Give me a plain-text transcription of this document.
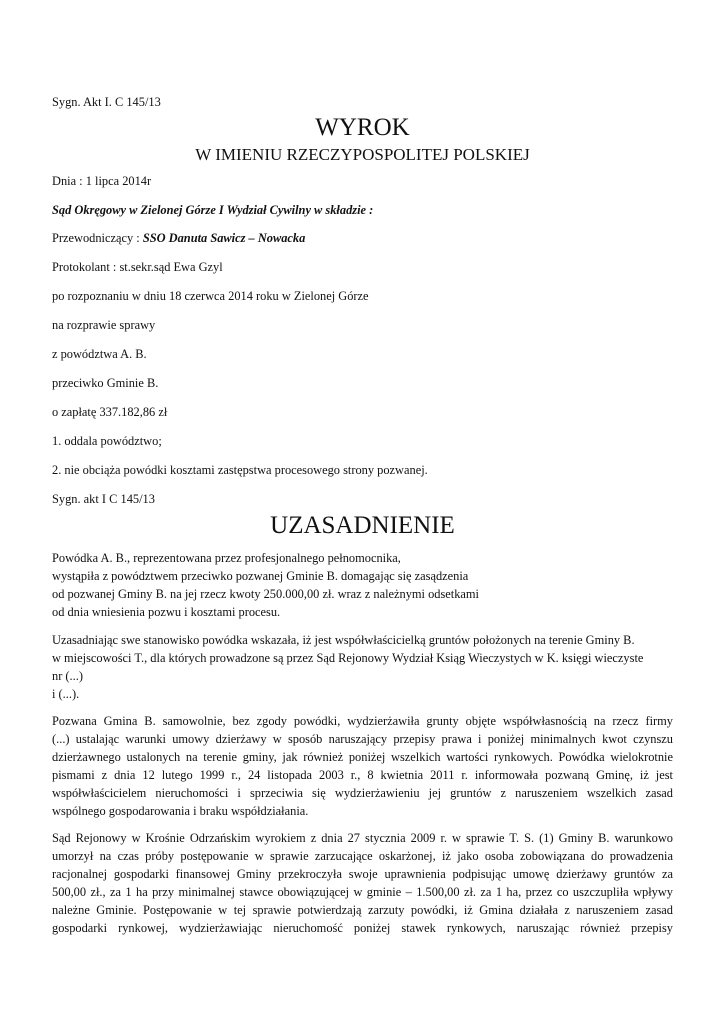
Sygn. Akt I. C 145/13
WYROK
W IMIENIU RZECZYPOSPOLITEJ POLSKIEJ
Dnia : 1 lipca 2014r
Sąd Okręgowy w Zielonej Górze I Wydział Cywilny w składzie :
Przewodniczący : SSO Danuta Sawicz – Nowacka
Protokolant : st.sekr.sąd Ewa Gzyl
po rozpoznaniu w dniu 18 czerwca 2014 roku w Zielonej Górze
na rozprawie sprawy
z powództwa A. B.
przeciwko Gminie B.
o zapłatę 337.182,86 zł
1. oddala powództwo;
2. nie obciąża powódki kosztami zastępstwa procesowego strony pozwanej.
Sygn. akt I C 145/13
UZASADNIENIE
Powódka A. B., reprezentowana przez profesjonalnego pełnomocnika,
wystąpiła z powództwem przeciwko pozwanej Gminie B. domagając się zasądzenia
od pozwanej Gminy B. na jej rzecz kwoty 250.000,00 zł. wraz z należnymi odsetkami
od dnia wniesienia pozwu i kosztami procesu.
Uzasadniając swe stanowisko powódka wskazała, iż jest współwłaścicielką gruntów położonych na terenie Gminy B.
w miejscowości T., dla których prowadzone są przez Sąd Rejonowy Wydział Ksiąg Wieczystych w K. księgi wieczyste
nr (...)
i (...).
Pozwana Gmina B. samowolnie, bez zgody powódki, wydzierżawiła grunty objęte współwłasnością na rzecz firmy
(...) ustalając warunki umowy dzierżawy w sposób naruszający przepisy prawa i poniżej minimalnych kwot czynszu
dzierżawnego ustalonych na terenie gminy, jak również poniżej wszelkich wartości rynkowych. Powódka wielokrotnie
pismami z dnia 12 lutego 1999 r., 24 listopada 2003 r., 8 kwietnia 2011 r. informowała pozwaną Gminę, iż jest
współwłaścicielem nieruchomości i sprzeciwia się wydzierżawieniu jej gruntów z naruszeniem wszelkich zasad
wspólnego gospodarowania i braku współdziałania.
Sąd Rejonowy w Krośnie Odrzańskim wyrokiem z dnia 27 stycznia 2009 r. w sprawie T. S. (1) Gminy B. warunkowo
umorzył na czas próby postępowanie w sprawie zarzucające oskarżonej, iż jako osoba zobowiązana do prowadzenia
racjonalnej gospodarki finansowej Gminy przekroczyła swoje uprawnienia podpisując umowę dzierżawy gruntów za
500,00 zł., za 1 ha przy minimalnej stawce obowiązującej w gminie – 1.500,00 zł. za 1 ha, przez co uszczupliła wpływy
należne Gminie. Postępowanie w tej sprawie potwierdzają zarzuty powódki, iż Gmina działała z naruszeniem zasad
gospodarki rynkowej, wydzierżawiając nieruchomość poniżej stawek rynkowych, naruszając również przepisy
